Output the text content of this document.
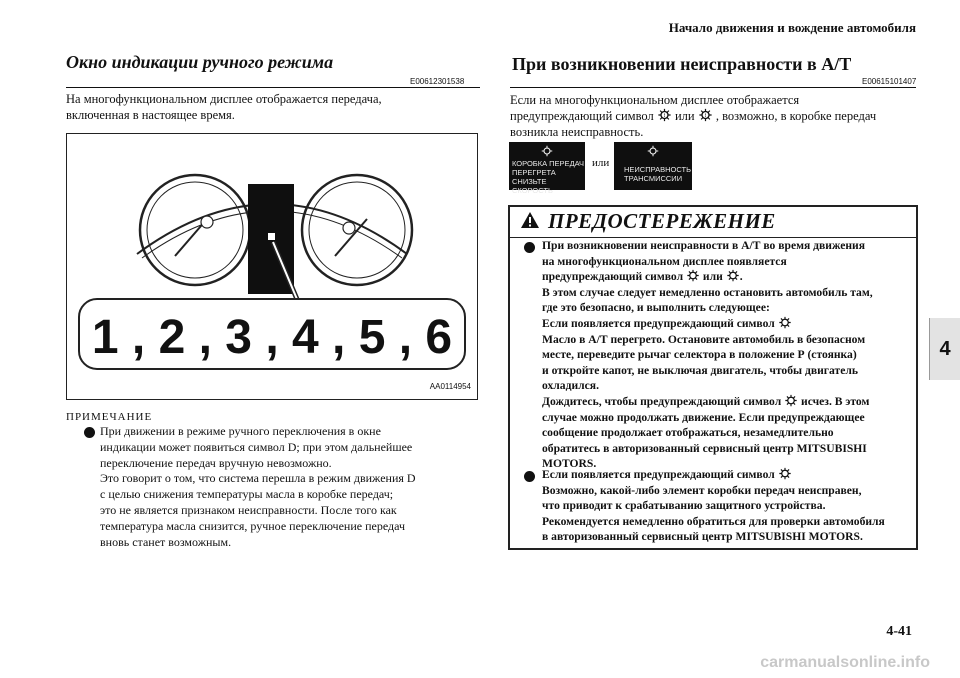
Начало движения и вождение автомобиля
4
4-41
Окно индикации ручного режима
E00612301538
На многофункциональном дисплее отображается передача,
включенная в настоящее время.
1 , 2 , 3 , 4 , 5 , 6
AA0114954
ПРИМЕЧАНИЕ
При движении в режиме ручного переключения в окне
индикации может появиться символ D; при этом дальнейшее
переключение передач вручную невозможно.
Это говорит о том, что система перешла в режим движения D
с целью снижения температуры масла в коробке передач;
это не является признаком неисправности. После того как
температура масла снизится, ручное переключение передач
вновь станет возможным.
При возникновении неисправности в А/Т
E00615101407
Если на многофункциональном дисплее отображается
предупреждающий символ ! или ! , возможно, в коробке передач
возникла неисправность.
КОРОБКА ПЕРЕДАЧ
ПЕРЕГРЕТА
СНИЗЬТЕ СКОРОСТЬ
или
НЕИСПРАВНОСТЬ
ТРАНСМИССИИ
ПРЕДОСТЕРЕЖЕНИЕ
При возникновении неисправности в А/Т во время движения
на многофункциональном дисплее появляется
предупреждающий символ или .
В этом случае следует немедленно остановить автомобиль там,
где это безопасно, и выполнить следующее:
Если появляется предупреждающий символ
Масло в А/Т перегрето. Остановите автомобиль в безопасном
месте, переведите рычаг селектора в положение Р (стоянка)
и откройте капот, не выключая двигатель, чтобы двигатель
охладился.
Дождитесь, чтобы предупреждающий символ исчез. В этом
случае можно продолжать движение. Если предупреждающее
сообщение продолжает отображаться, незамедлительно
обратитесь в авторизованный сервисный центр MITSUBISHI
MOTORS.
Если появляется предупреждающий символ
Возможно, какой-либо элемент коробки передач неисправен,
что приводит к срабатыванию защитного устройства.
Рекомендуется немедленно обратиться для проверки автомобиля
в авторизованный сервисный центр MITSUBISHI MOTORS.
carmanualsonline.info
